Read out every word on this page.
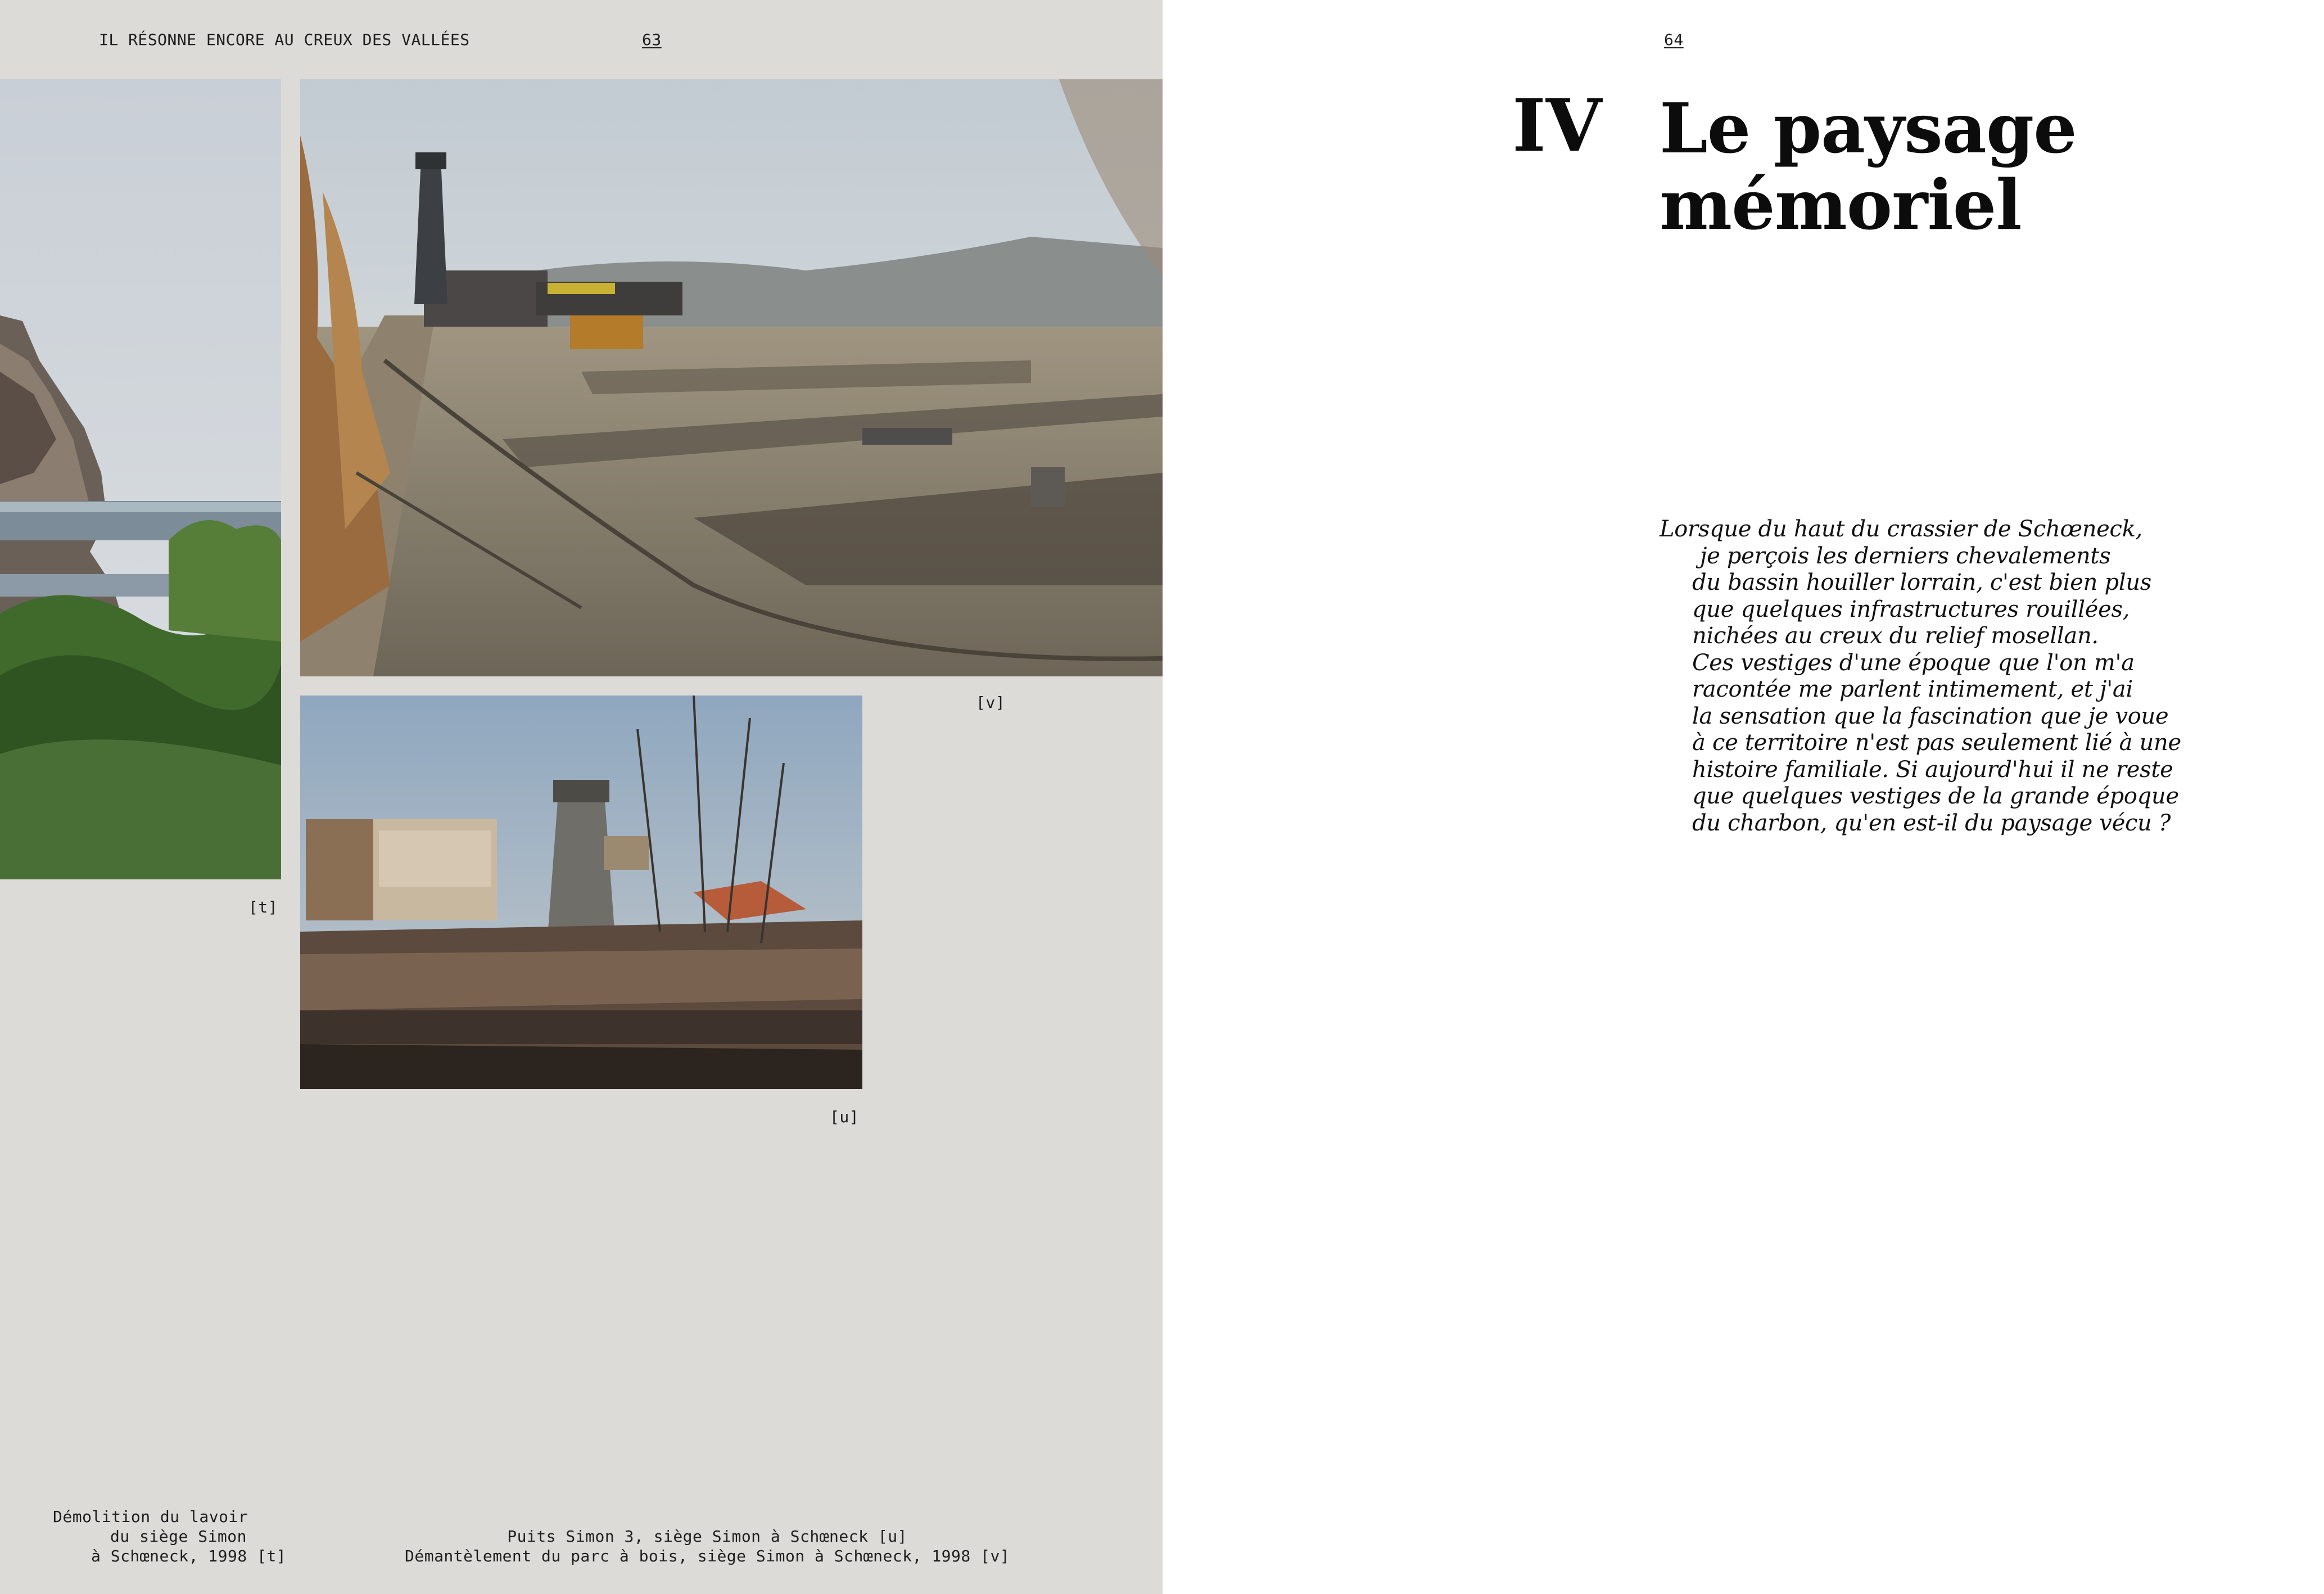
IL RÉSONNE ENCORE AU CREUX DES VALLÉES	63
[t]
[v]
[u]
Démolition du lavoir
du siège Simon
à Schœneck, 1998 [t]
Puits Simon 3, siège Simon à Schœneck [u]
Démantèlement du parc à bois, siège Simon à Schœneck, 1998 [v]
64
IV Le paysage
mémoriel
Lorsque du haut du crassier de Schœneck,
je perçois les derniers chevalements
du bassin houiller lorrain, c'est bien plus
que quelques infrastructures rouillées,
nichées au creux du relief mosellan.
Ces vestiges d'une époque que l'on m'a
racontée me parlent intimement, et j'ai
la sensation que la fascination que je voue
à ce territoire n'est pas seulement lié à une
histoire familiale. Si aujourd'hui il ne reste
que quelques vestiges de la grande époque
du charbon, qu'en est-il du paysage vécu ?
